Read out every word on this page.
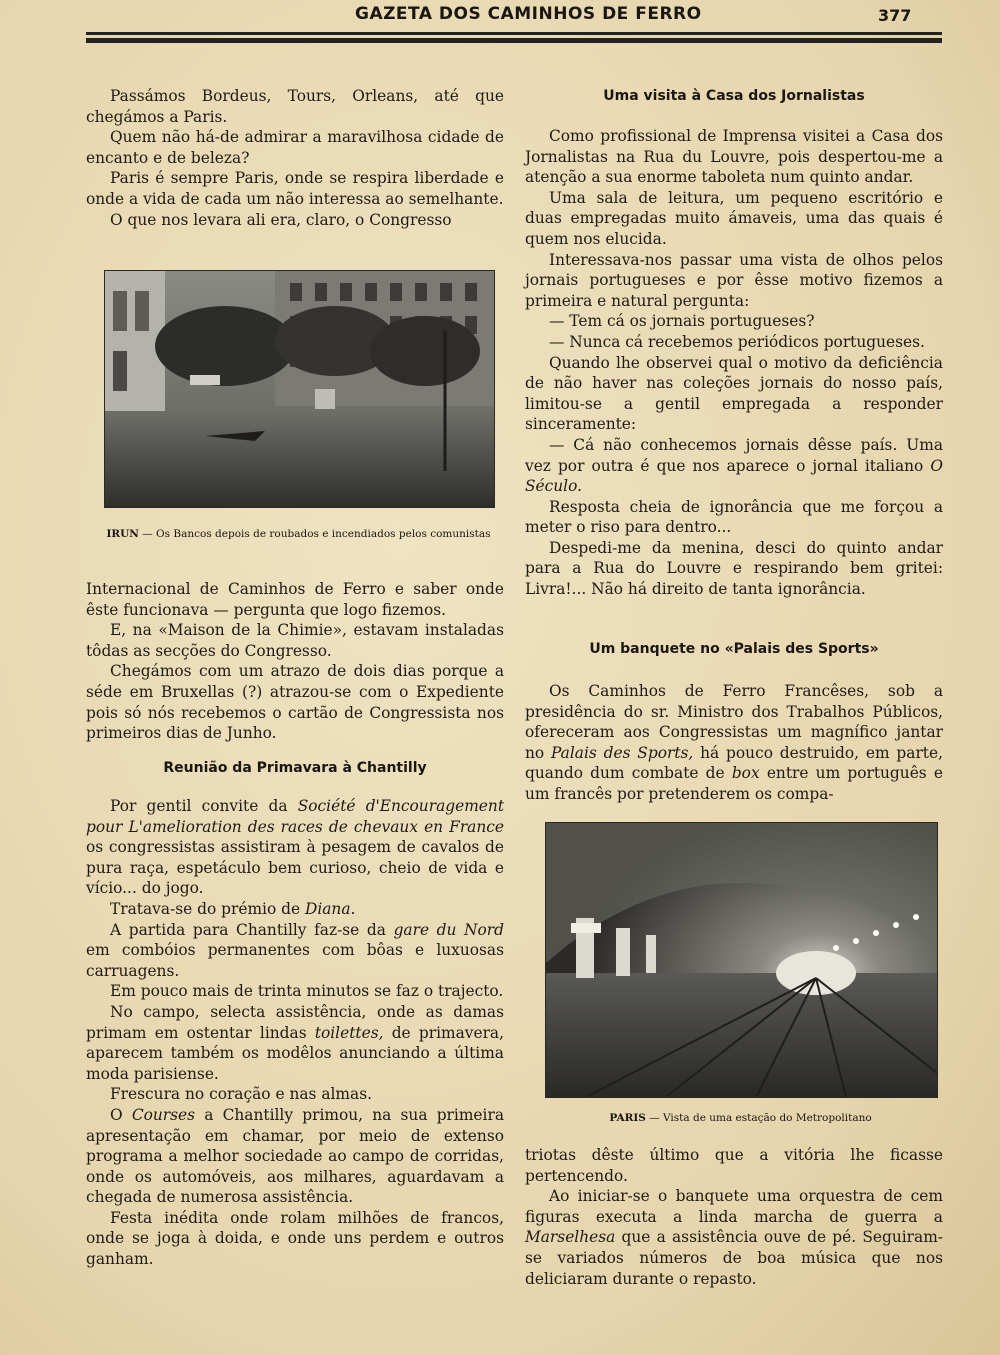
GAZETA DOS CAMINHOS DE FERRO	377

Passámos Bordeus, Tours, Orleans, até que chegámos a Paris.

Quem não há-de admirar a maravilhosa cidade de encanto e de beleza?

Paris é sempre Paris, onde se respira liberdade e onde a vida de cada um não interessa ao semelhante.

O que nos levara ali era, claro, o Congresso

IRUN — Os Bancos depois de roubados e incendiados pelos comunistas

Internacional de Caminhos de Ferro e saber onde êste funcionava — pergunta que logo fizemos.

E, na «Maison de la Chimie», estavam instaladas tôdas as secções do Congresso.

Chegámos com um atrazo de dois dias porque a séde em Bruxellas (?) atrazou-se com o Expediente pois só nós recebemos o cartão de Congressista nos primeiros dias de Junho.

Reunião da Primavara à Chantilly

Por gentil convite da Société d'Encouragement pour L'amelioration des races de chevaux en France os congressistas assistiram à pesagem de cavalos de pura raça, espetáculo bem curioso, cheio de vida e vício... do jogo.

Tratava-se do prémio de Diana.

A partida para Chantilly faz-se da gare du Nord em combóios permanentes com bôas e luxuosas carruagens.

Em pouco mais de trinta minutos se faz o trajecto.

No campo, selecta assistência, onde as damas primam em ostentar lindas toilettes, de primavera, aparecem também os modêlos anunciando a última moda parisiense.

Frescura no coração e nas almas.

O Courses a Chantilly primou, na sua primeira apresentação em chamar, por meio de extenso programa a melhor sociedade ao campo de corridas, onde os automóveis, aos milhares, aguardavam a chegada de numerosa assistência.

Festa inédita onde rolam milhões de francos, onde se joga à doida, e onde uns perdem e outros ganham.

Uma visita à Casa dos Jornalistas

Como profissional de Imprensa visitei a Casa dos Jornalistas na Rua du Louvre, pois despertou-me a atenção a sua enorme taboleta num quinto andar.

Uma sala de leitura, um pequeno escritório e duas empregadas muito ámaveis, uma das quais é quem nos elucida.

Interessava-nos passar uma vista de olhos pelos jornais portugueses e por êsse motivo fizemos a primeira e natural pergunta:

— Tem cá os jornais portugueses?

— Nunca cá recebemos periódicos portugueses.

Quando lhe observei qual o motivo da deficiência de não haver nas coleções jornais do nosso país, limitou-se a gentil empregada a responder sinceramente:

— Cá não conhecemos jornais dêsse país. Uma vez por outra é que nos aparece o jornal italiano O Século.

Resposta cheia de ignorância que me forçou a meter o riso para dentro...

Despedi-me da menina, desci do quinto andar para a Rua do Louvre e respirando bem gritei: Livra!... Não há direito de tanta ignorância.

Um banquete no «Palais des Sports»

Os Caminhos de Ferro Francêses, sob a presidência do sr. Ministro dos Trabalhos Públicos, ofereceram aos Congressistas um magnífico jantar no Palais des Sports, há pouco destruido, em parte, quando dum combate de box entre um português e um francês por pretenderem os compa-

PARIS — Vista de uma estação do Metropolitano

triotas dêste último que a vitória lhe ficasse pertencendo.

Ao iniciar-se o banquete uma orquestra de cem figuras executa a linda marcha de guerra a Marselhesa que a assistência ouve de pé. Seguiram-se variados números de boa música que nos deliciaram durante o repasto.
